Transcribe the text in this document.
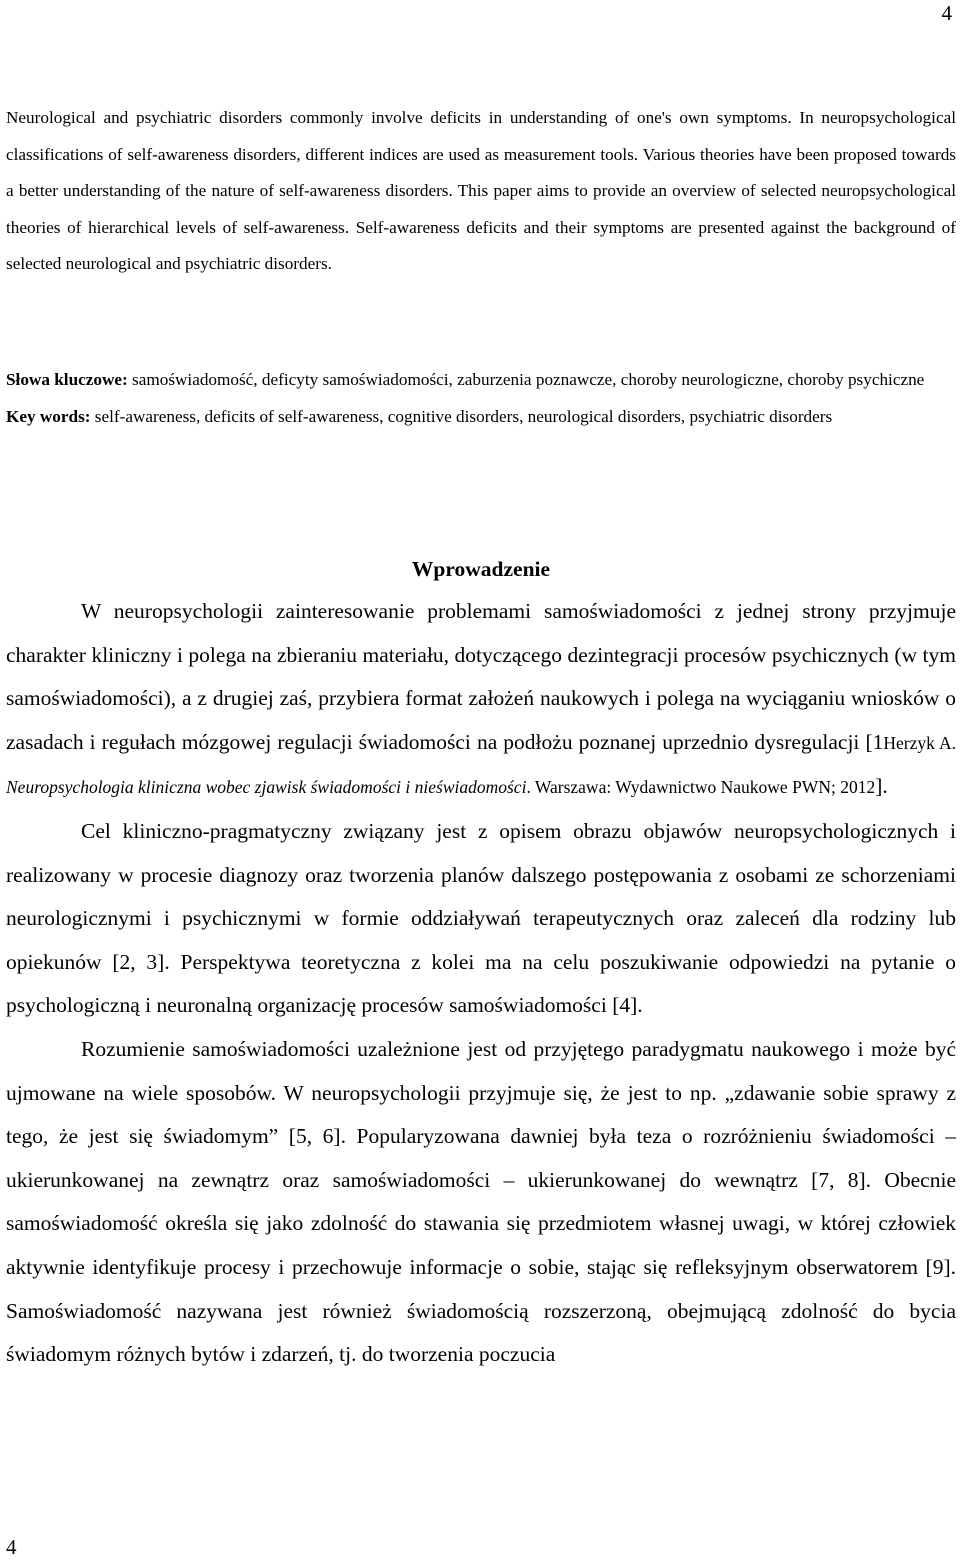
4

Neurological and psychiatric disorders commonly involve deficits in understanding of one's own symptoms. In neuropsychological classifications of self-awareness disorders, different indices are used as measurement tools. Various theories have been proposed towards a better understanding of the nature of self-awareness disorders. This paper aims to provide an overview of selected neuropsychological theories of hierarchical levels of self-awareness. Self-awareness deficits and their symptoms are presented against the background of selected neurological and psychiatric disorders.

Słowa kluczowe: samoświadomość, deficyty samoświadomości, zaburzenia poznawcze, choroby neurologiczne, choroby psychiczne

Key words: self-awareness, deficits of self-awareness, cognitive disorders, neurological disorders, psychiatric disorders

Wprowadzenie

W neuropsychologii zainteresowanie problemami samoświadomości z jednej strony przyjmuje charakter kliniczny i polega na zbieraniu materiału, dotyczącego dezintegracji procesów psychicznych (w tym samoświadomości), a z drugiej zaś, przybiera format założeń naukowych i polega na wyciąganiu wniosków o zasadach i regułach mózgowej regulacji świadomości na podłożu poznanej uprzednio dysregulacji [1Herzyk A. Neuropsychologia kliniczna wobec zjawisk świadomości i nieświadomości. Warszawa: Wydawnictwo Naukowe PWN; 2012].

Cel kliniczno-pragmatyczny związany jest z opisem obrazu objawów neuropsychologicznych i realizowany w procesie diagnozy oraz tworzenia planów dalszego postępowania z osobami ze schorzeniami neurologicznymi i psychicznymi w formie oddziaływań terapeutycznych oraz zaleceń dla rodziny lub opiekunów [2, 3]. Perspektywa teoretyczna z kolei ma na celu poszukiwanie odpowiedzi na pytanie o psychologiczną i neuronalną organizację procesów samoświadomości [4].

Rozumienie samoświadomości uzależnione jest od przyjętego paradygmatu naukowego i może być ujmowane na wiele sposobów. W neuropsychologii przyjmuje się, że jest to np. „zdawanie sobie sprawy z tego, że jest się świadomym” [5, 6]. Popularyzowana dawniej była teza o rozróżnieniu świadomości – ukierunkowanej na zewnątrz oraz samoświadomości – ukierunkowanej do wewnątrz [7, 8]. Obecnie samoświadomość określa się jako zdolność do stawania się przedmiotem własnej uwagi, w której człowiek aktywnie identyfikuje procesy i przechowuje informacje o sobie, stając się refleksyjnym obserwatorem [9]. Samoświadomość nazywana jest również świadomością rozszerzoną, obejmującą zdolność do bycia świadomym różnych bytów i zdarzeń, tj. do tworzenia poczucia

4
